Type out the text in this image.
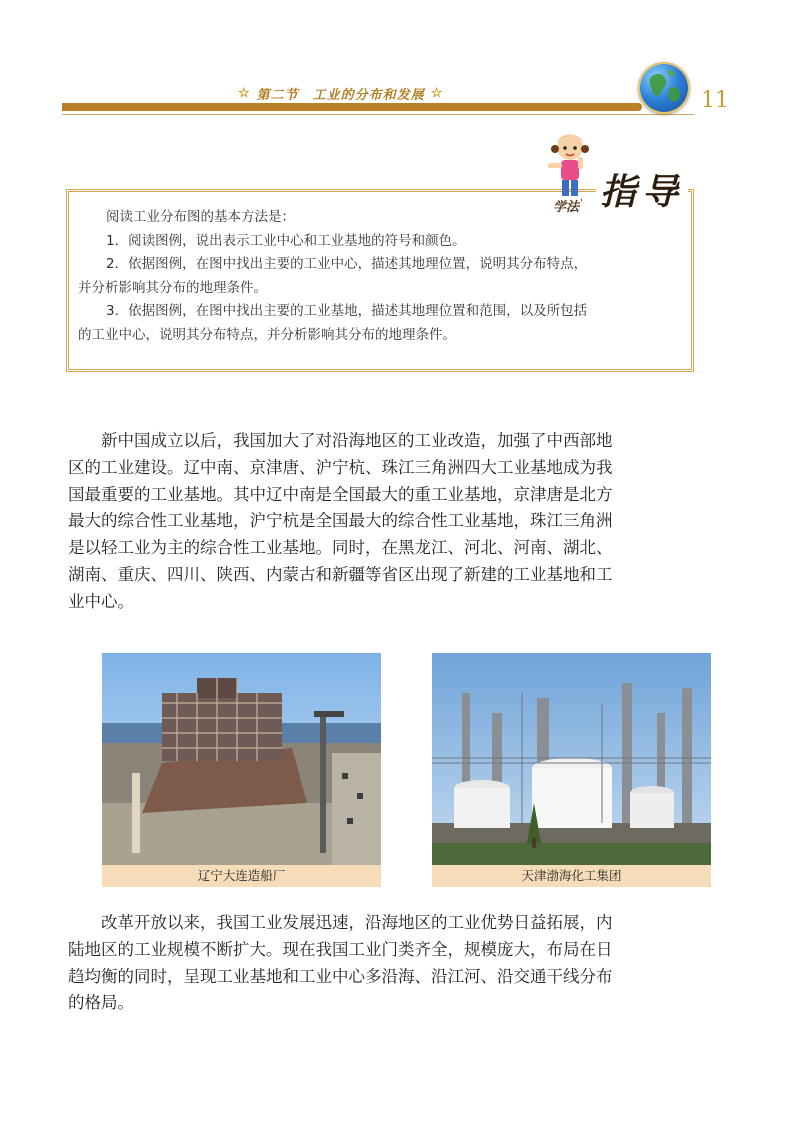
☆ 第二节 工业的分布和发展 ☆	11
学法 指导

阅读工业分布图的基本方法是：

1．阅读图例，说出表示工业中心和工业基地的符号和颜色。

2．依据图例，在图中找出主要的工业中心，描述其地理位置，说明其分布特点，

并分析影响其分布的地理条件。

3．依据图例，在图中找出主要的工业基地，描述其地理位置和范围，以及所包括

的工业中心，说明其分布特点，并分析影响其分布的地理条件。

新中国成立以后，我国加大了对沿海地区的工业改造，加强了中西部地区的工业建设。辽中南、京津唐、沪宁杭、珠江三角洲四大工业基地成为我国最重要的工业基地。其中辽中南是全国最大的重工业基地，京津唐是北方最大的综合性工业基地，沪宁杭是全国最大的综合性工业基地，珠江三角洲是以轻工业为主的综合性工业基地。同时，在黑龙江、河北、河南、湖北、湖南、重庆、四川、陕西、内蒙古和新疆等省区出现了新建的工业基地和工业中心。

辽宁大连造船厂	天津渤海化工集团

改革开放以来，我国工业发展迅速，沿海地区的工业优势日益拓展，内陆地区的工业规模不断扩大。现在我国工业门类齐全，规模庞大，布局在日趋均衡的同时，呈现工业基地和工业中心多沿海、沿江河、沿交通干线分布的格局。
